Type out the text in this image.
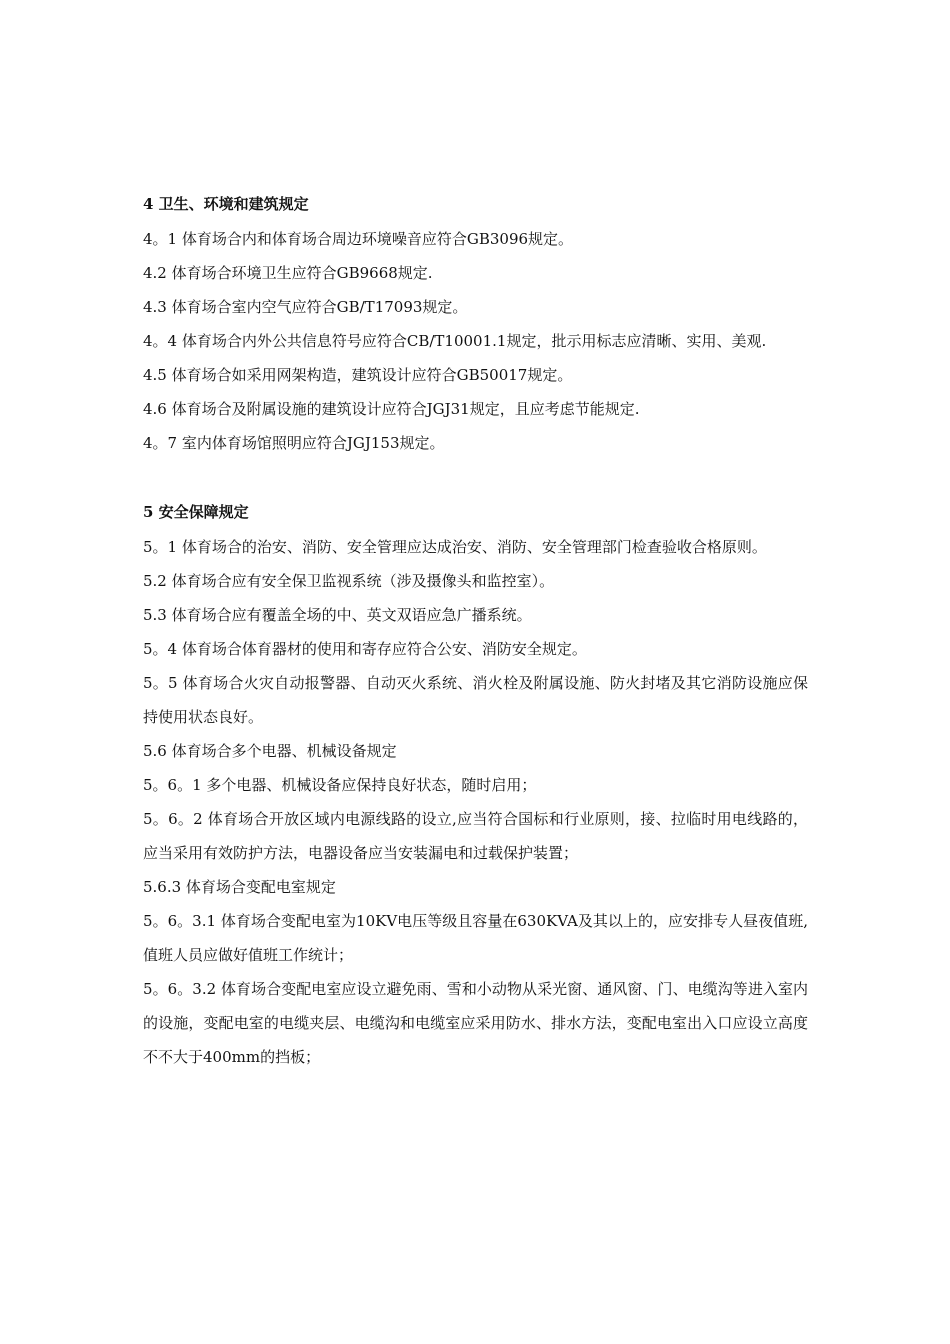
4 卫生、环境和建筑规定

4。1 体育场合内和体育场合周边环境噪音应符合GB3096规定。

4.2 体育场合环境卫生应符合GB9668规定.

4.3 体育场合室内空气应符合GB/T17093规定。

4。4 体育场合内外公共信息符号应符合CB/T10001.1规定，批示用标志应清晰、实用、美观.

4.5 体育场合如采用网架构造，建筑设计应符合GB50017规定。

4.6 体育场合及附属设施的建筑设计应符合JGJ31规定，且应考虑节能规定.

4。7 室内体育场馆照明应符合JGJ153规定。

5 安全保障规定

5。1 体育场合的治安、消防、安全管理应达成治安、消防、安全管理部门检查验收合格原则。

5.2 体育场合应有安全保卫监视系统（涉及摄像头和监控室）。

5.3 体育场合应有覆盖全场的中、英文双语应急广播系统。

5。4 体育场合体育器材的使用和寄存应符合公安、消防安全规定。

5。5 体育场合火灾自动报警器、自动灭火系统、消火栓及附属设施、防火封堵及其它消防设施应保持使用状态良好。

5.6 体育场合多个电器、机械设备规定

5。6。1 多个电器、机械设备应保持良好状态，随时启用；

5。6。2 体育场合开放区域内电源线路的设立,应当符合国标和行业原则，接、拉临时用电线路的，应当采用有效防护方法，电器设备应当安装漏电和过载保护装置；

5.6.3 体育场合变配电室规定

5。6。3.1 体育场合变配电室为10KV电压等级且容量在630KVA及其以上的，应安排专人昼夜值班,值班人员应做好值班工作统计；

5。6。3.2 体育场合变配电室应设立避免雨、雪和小动物从采光窗、通风窗、门、电缆沟等进入室内的设施，变配电室的电缆夹层、电缆沟和电缆室应采用防水、排水方法，变配电室出入口应设立高度不不大于400mm的挡板；
